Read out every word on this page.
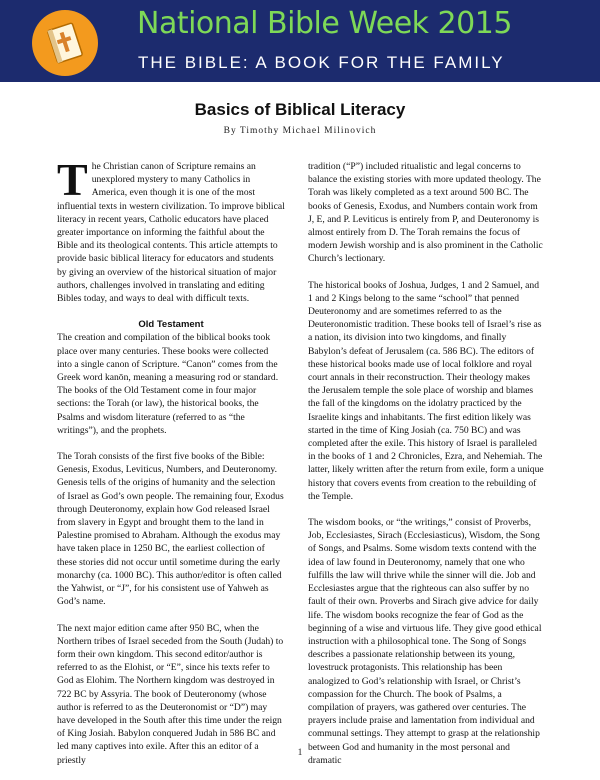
National Bible Week 2015
THE BIBLE: A BOOK FOR THE FAMILY
Basics of Biblical Literacy
By Timothy Michael Milinovich

The Christian canon of Scripture remains an unexplored mystery to many Catholics in America, even though it is one of the most influential texts in western civilization. To improve biblical literacy in recent years, Catholic educators have placed greater importance on informing the faithful about the Bible and its theological contents. This article attempts to provide basic biblical literacy for educators and students by giving an overview of the historical situation of major authors, challenges involved in translating and editing Bibles today, and ways to deal with difficult texts.

Old Testament

The creation and compilation of the biblical books took place over many centuries. These books were collected into a single canon of Scripture. “Canon” comes from the Greek word kanōn, meaning a measuring rod or standard. The books of the Old Testament come in four major sections: the Torah (or law), the historical books, the Psalms and wisdom literature (referred to as “the writings”), and the prophets.

The Torah consists of the first five books of the Bible: Genesis, Exodus, Leviticus, Numbers, and Deuteronomy. Genesis tells of the origins of humanity and the selection of Israel as God’s own people. The remaining four, Exodus through Deuteronomy, explain how God released Israel from slavery in Egypt and brought them to the land in Palestine promised to Abraham. Although the exodus may have taken place in 1250 BC, the earliest collection of these stories did not occur until sometime during the early monarchy (ca. 1000 BC). This author/editor is often called the Yahwist, or “J”, for his consistent use of Yahweh as God’s name.

The next major edition came after 950 BC, when the Northern tribes of Israel seceded from the South (Judah) to form their own kingdom. This second editor/author is referred to as the Elohist, or “E”, since his texts refer to God as Elohim. The Northern kingdom was destroyed in 722 BC by Assyria. The book of Deuteronomy (whose author is referred to as the Deuteronomist or “D”) may have developed in the South after this time under the reign of King Josiah. Babylon conquered Judah in 586 BC and led many captives into exile. After this an editor of a priestly

tradition (“P”) included ritualistic and legal concerns to balance the existing stories with more updated theology. The Torah was likely completed as a text around 500 BC. The books of Genesis, Exodus, and Numbers contain work from J, E, and P. Leviticus is entirely from P, and Deuteronomy is almost entirely from D. The Torah remains the focus of modern Jewish worship and is also prominent in the Catholic Church’s lectionary.

The historical books of Joshua, Judges, 1 and 2 Samuel, and 1 and 2 Kings belong to the same “school” that penned Deuteronomy and are sometimes referred to as the Deuteronomistic tradition. These books tell of Israel’s rise as a nation, its division into two kingdoms, and finally Babylon’s defeat of Jerusalem (ca. 586 BC). The editors of these historical books made use of local folklore and royal court annals in their reconstruction. Their theology makes the Jerusalem temple the sole place of worship and blames the fall of the kingdoms on the idolatry practiced by the Israelite kings and inhabitants. The first edition likely was started in the time of King Josiah (ca. 750 BC) and was completed after the exile. This history of Israel is paralleled in the books of 1 and 2 Chronicles, Ezra, and Nehemiah. The latter, likely written after the return from exile, form a unique history that covers events from creation to the rebuilding of the Temple.

The wisdom books, or “the writings,” consist of Proverbs, Job, Ecclesiastes, Sirach (Ecclesiasticus), Wisdom, the Song of Songs, and Psalms. Some wisdom texts contend with the idea of law found in Deuteronomy, namely that one who fulfills the law will thrive while the sinner will die. Job and Ecclesiastes argue that the righteous can also suffer by no fault of their own. Proverbs and Sirach give advice for daily life. The wisdom books recognize the fear of God as the beginning of a wise and virtuous life. They give good ethical instruction with a philosophical tone. The Song of Songs describes a passionate relationship between its young, lovestruck protagonists. This relationship has been analogized to God’s relationship with Israel, or Christ’s compassion for the Church. The book of Psalms, a compilation of prayers, was gathered over centuries. The prayers include praise and lamentation from individual and communal settings. They attempt to grasp at the relationship between God and humanity in the most personal and dramatic

1
